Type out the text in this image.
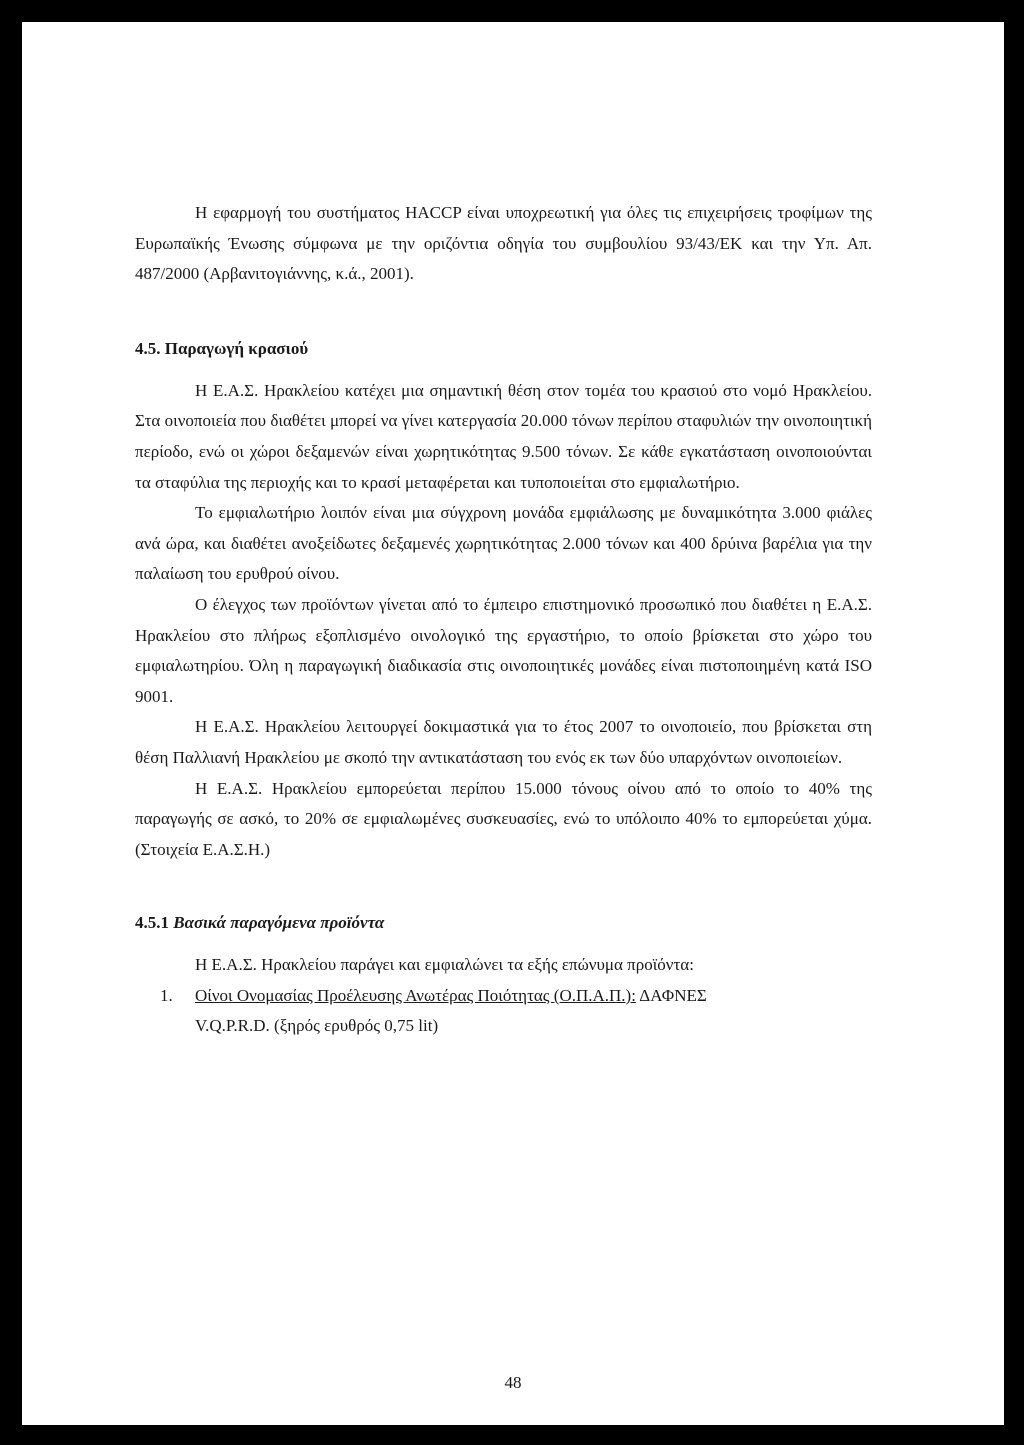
Η εφαρμογή του συστήματος HACCP είναι υποχρεωτική για όλες τις επιχειρήσεις τροφίμων της Ευρωπαϊκής Ένωσης σύμφωνα με την οριζόντια οδηγία του συμβουλίου 93/43/ΕΚ και την Υπ. Απ. 487/2000 (Αρβανιτογιάννης, κ.ά., 2001).

4.5. Παραγωγή κρασιού

Η Ε.Α.Σ. Ηρακλείου κατέχει μια σημαντική θέση στον τομέα του κρασιού στο νομό Ηρακλείου. Στα οινοποιεία που διαθέτει μπορεί να γίνει κατεργασία 20.000 τόνων περίπου σταφυλιών την οινοποιητική περίοδο, ενώ οι χώροι δεξαμενών είναι χωρητικότητας 9.500 τόνων. Σε κάθε εγκατάσταση οινοποιούνται τα σταφύλια της περιοχής και το κρασί μεταφέρεται και τυποποιείται στο εμφιαλωτήριο.

Το εμφιαλωτήριο λοιπόν είναι μια σύγχρονη μονάδα εμφιάλωσης με δυναμικότητα 3.000 φιάλες ανά ώρα, και διαθέτει ανοξείδωτες δεξαμενές χωρητικότητας 2.000 τόνων και 400 δρύινα βαρέλια για την παλαίωση του ερυθρού οίνου.

Ο έλεγχος των προϊόντων γίνεται από το έμπειρο επιστημονικό προσωπικό που διαθέτει η Ε.Α.Σ. Ηρακλείου στο πλήρως εξοπλισμένο οινολογικό της εργαστήριο, το οποίο βρίσκεται στο χώρο του εμφιαλωτηρίου. Όλη η παραγωγική διαδικασία στις οινοποιητικές μονάδες είναι πιστοποιημένη κατά ISO 9001.

Η Ε.Α.Σ. Ηρακλείου λειτουργεί δοκιμαστικά για το έτος 2007 το οινοποιείο, που βρίσκεται στη θέση Παλλιανή Ηρακλείου με σκοπό την αντικατάσταση του ενός εκ των δύο υπαρχόντων οινοποιείων.

Η Ε.Α.Σ. Ηρακλείου εμπορεύεται περίπου 15.000 τόνους οίνου από το οποίο το 40% της παραγωγής σε ασκό, το 20% σε εμφιαλωμένες συσκευασίες, ενώ το υπόλοιπο 40% το εμπορεύεται χύμα. (Στοιχεία Ε.Α.Σ.Η.)

4.5.1 Βασικά παραγόμενα προϊόντα

Η Ε.Α.Σ. Ηρακλείου παράγει και εμφιαλώνει τα εξής επώνυμα προϊόντα:

1. Οίνοι Ονομασίας Προέλευσης Ανωτέρας Ποιότητας (Ο.Π.Α.Π.): ΔΑΦΝΕΣ
V.Q.P.R.D. (ξηρός ερυθρός 0,75 lit)
48
